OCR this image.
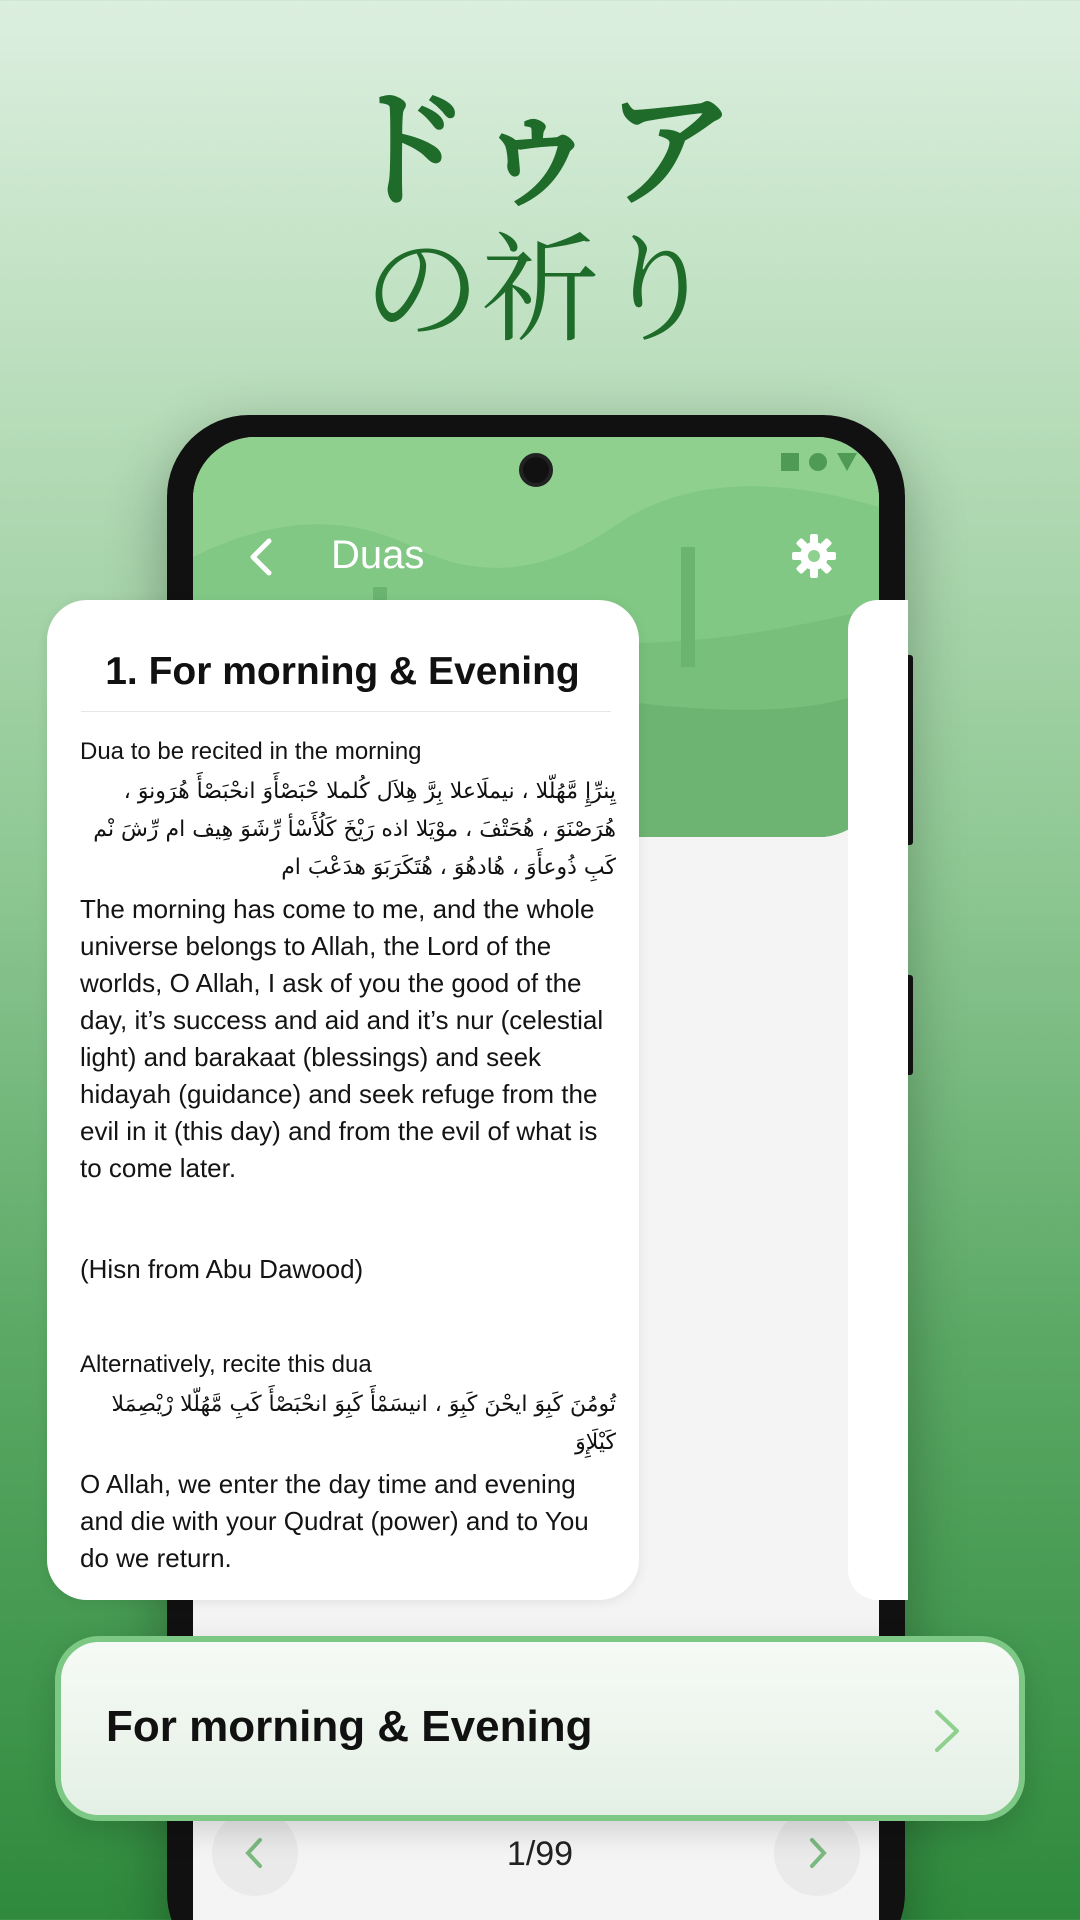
ドゥア
の祈り
Duas
1. For morning & Evening
Dua to be recited in the morning
يِنرِّإِ مَّهُلّلا ، نيملَاعلا بِرَّ هِلاَل كُلملا حْبَصْأَوَ انحْبَصْأَ هُرَونوَ ، هُرَصْنَوَ ، هُحَتْفَ ، موْيَلا اذه رَيْخَ كَلُأَسْأ رِّشَوَ هِيف ام رِّشَ نْم كَبِ ذُوعأَوَ ، هُادهُوَ ، هُتَكَرَبَوَ هدَعْبَ ام
The morning has come to me, and the whole universe belongs to Allah, the Lord of the worlds, O Allah, I ask of you the good of the day, it’s success and aid and it’s nur (celestial light) and barakaat (blessings) and seek hidayah (guidance) and seek refuge from the evil in it (this day) and from the evil of what is to come later.
(Hisn from Abu Dawood)
Alternatively, recite this dua
تُومُنَ كَبِوَ ايحْنَ كَبِوَ ، انيسَمْأَ كَبِوَ انحْبَصْأَ كَبِ مَّهُلّلا رْيْصِمَلا كَيْلَإِوَ
O Allah, we enter the day time and evening and die with your Qudrat (power) and to You do we return.
1/99
For morning & Evening
